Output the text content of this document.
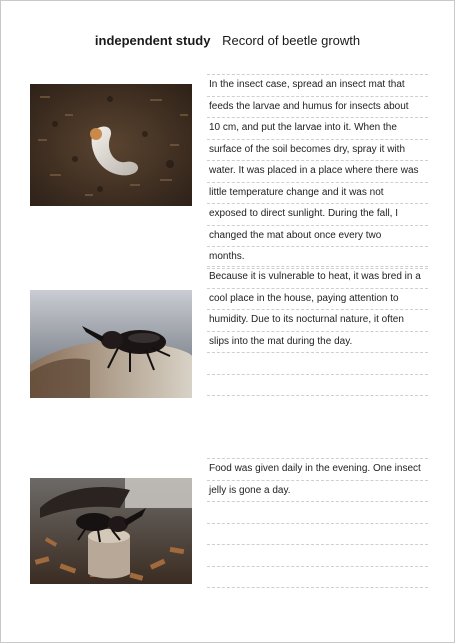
independent study Record of beetle growth
In the insect case, spread an insect mat that
feeds the larvae and humus for insects about
10 cm, and put the larvae into it. When the
surface of the soil becomes dry, spray it with
water. It was placed in a place where there was
little temperature change and it was not
exposed to direct sunlight. During the fall, I
changed the mat about once every two
months.
Because it is vulnerable to heat, it was bred in a
cool place in the house, paying attention to
humidity. Due to its nocturnal nature, it often
slips into the mat during the day.
Food was given daily in the evening. One insect
jelly is gone a day.
